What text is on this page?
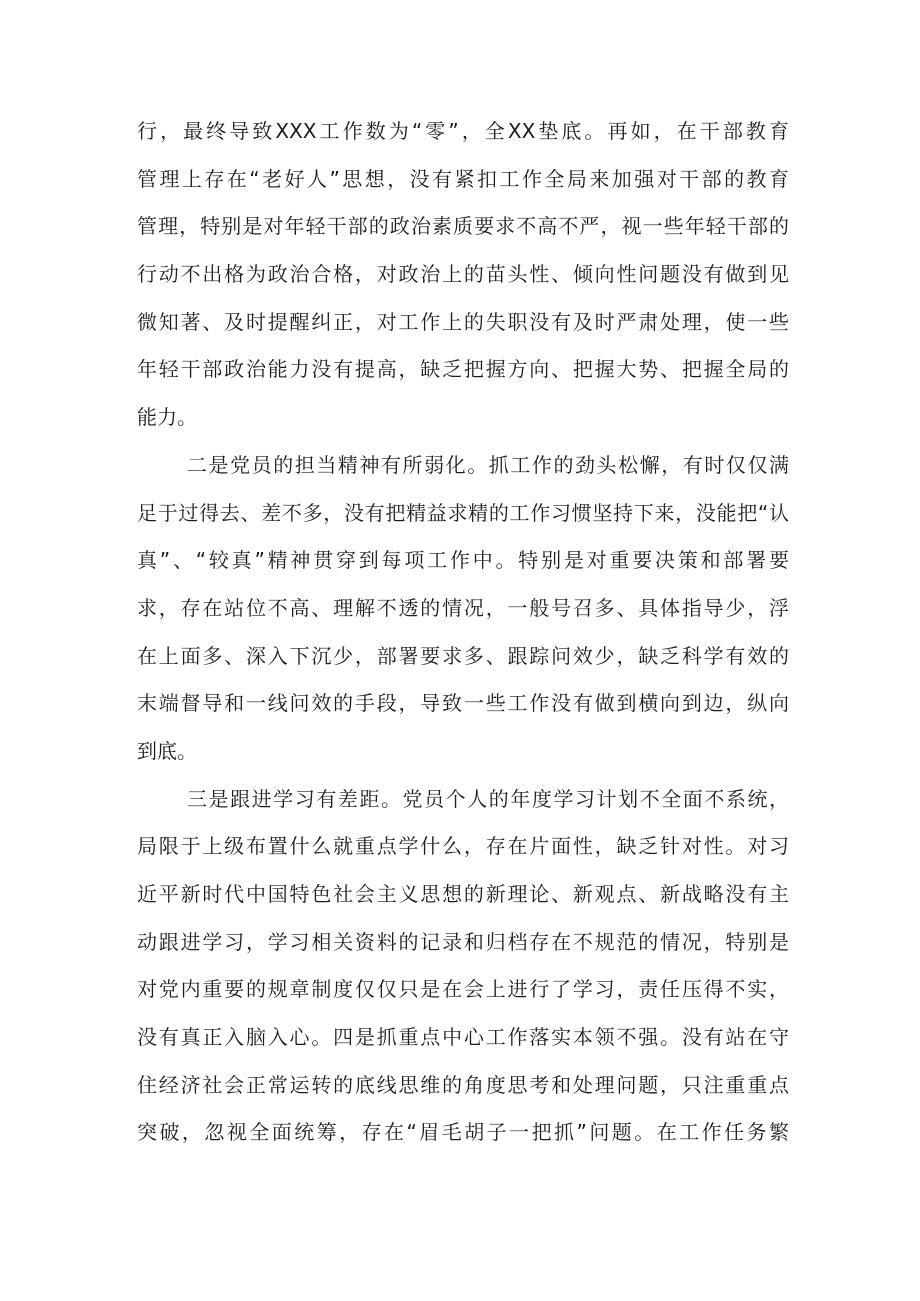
行，最终导致XXX工作数为“零”，全XX垫底。再如，在干部教育
管理上存在“老好人”思想，没有紧扣工作全局来加强对干部的教育
管理，特别是对年轻干部的政治素质要求不高不严，视一些年轻干部的
行动不出格为政治合格，对政治上的苗头性、倾向性问题没有做到见
微知著、及时提醒纠正，对工作上的失职没有及时严肃处理，使一些
年轻干部政治能力没有提高，缺乏把握方向、把握大势、把握全局的
能力。
二是党员的担当精神有所弱化。抓工作的劲头松懈，有时仅仅满
足于过得去、差不多，没有把精益求精的工作习惯坚持下来，没能把“认
真”、“较真”精神贯穿到每项工作中。特别是对重要决策和部署要
求，存在站位不高、理解不透的情况，一般号召多、具体指导少，浮
在上面多、深入下沉少，部署要求多、跟踪问效少，缺乏科学有效的
末端督导和一线问效的手段，导致一些工作没有做到横向到边，纵向
到底。
三是跟进学习有差距。党员个人的年度学习计划不全面不系统，
局限于上级布置什么就重点学什么，存在片面性，缺乏针对性。对习
近平新时代中国特色社会主义思想的新理论、新观点、新战略没有主
动跟进学习，学习相关资料的记录和归档存在不规范的情况，特别是
对党内重要的规章制度仅仅只是在会上进行了学习，责任压得不实，
没有真正入脑入心。四是抓重点中心工作落实本领不强。没有站在守
住经济社会正常运转的底线思维的角度思考和处理问题，只注重重点
突破，忽视全面统筹，存在“眉毛胡子一把抓”问题。在工作任务繁
